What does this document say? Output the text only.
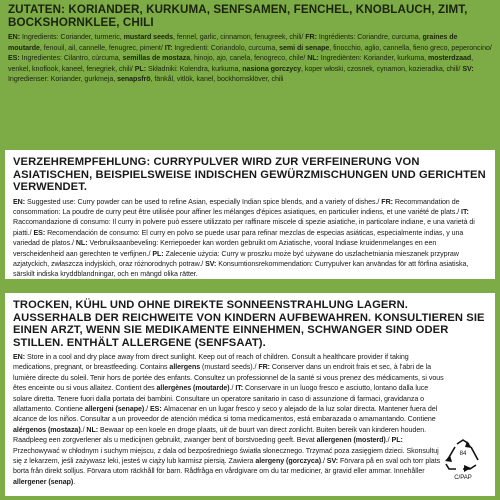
ZUTATEN: KORIANDER, KURKUMA, SENFSAMEN, FENCHEL, KNOBLAUCH, ZIMT, BOCKSHORNKLEE, CHILI
EN: Ingredients: Coriander, turmeric, mustard seeds, fennel, garlic, cinnamon, fenugreek, chili/ FR: Ingrédients: Coriandre, curcuma, graines de moutarde, fenouil, ail, cannelle, fenugrec, piment/ IT: Ingredienti: Coriandolo, curcuma, semi di senape, finocchio, aglio, cannella, fieno greco, peperoncino/ ES: Ingredientes: Cilantro, cúrcuma, semillas de mostaza, hinojo, ajo, canela, fenogreco, chile/ NL: Ingrediënten: Koriander, kurkuma, mosterdzaad, venkel, knoflook, kaneel, fenegriek, chili/ PL: Składniki: Kolendra, kurkuma, nasiona gorczycy, koper włoski, czosnek, cynamon, kozieradka, chili/ SV: Ingredienser: Koriander, gurkmeja, senapsfrö, fänkål, vitlök, kanel, bockhornsklöver, chili
VERZEHREMPFEHLUNG: CURRYPULVER WIRD ZUR VERFEINERUNG VON ASIATISCHEN, BEISPIELSWEISE INDISCHEN GEWÜRZMISCHUNGEN UND GERICHTEN VERWENDET.
EN: Suggested use: Curry powder can be used to refine Asian, especially Indian spice blends, and a variety of dishes./ FR: Recommandation de consommation: La poudre de curry peut être utilisée pour affiner les mélanges d'épices asiatiques, en particulier indiens, et une variété de plats./ IT: Raccomandazione di consumo: Il curry in polvere può essere utilizzato per raffinare miscele di spezie asiatiche, in particolare indiane, e una varietà di piatti./ ES: Recomendación de consumo: El curry en polvo se puede usar para refinar mezclas de especias asiáticas, especialmente indias, y una variedad de platos./ NL: Verbruiksaanbeveling: Kerriepoeder kan worden gebruikt om Aziatische, vooral Indiase kruidenmelanges en een verscheidenheid aan gerechten te verfijnen./ PL: Zalecenie użycia: Curry w proszku może być używane do uszlachetniania mieszanek przypraw azjatyckich, zwłaszcza indyjskich, oraz różnorodnych potraw./ SV: Konsumtionsrekommendation: Currypulver kan användas för att förfina asiatiska, särskilt indiska kryddblandningar, och en mängd olika rätter.
TROCKEN, KÜHL UND OHNE DIREKTE SONNEENSTRAHLUNG LAGERN. AUSSERHALB DER REICHWEITE VON KINDERN AUFBEWAHREN. KONSULTIEREN SIE EINEN ARZT, WENN SIE MEDIKAMENTE EINNEHMEN, SCHWANGER SIND ODER STILLEN. ENTHÄLT ALLERGENE (SENFSAAT).
EN: Store in a cool and dry place away from direct sunlight. Keep out of reach of children. Consult a healthcare provider if taking medications, pregnant, or breastfeeding. Contains allergens (mustard seeds)./ FR: Conserver dans un endroit frais et sec, à l'abri de la lumière directe du soleil. Tenir hors de portée des enfants. Consultez un professionnel de la santé si vous prenez des médicaments, si vous êtes enceinte ou si vous allaitez. Contient des allergènes (moutarde)./ IT: Conservare in un luogo fresco e asciutto, lontano dalla luce solare diretta. Tenere fuori dalla portata dei bambini. Consultare un operatore sanitario in caso di assunzione di farmaci, gravidanza o allattamento. Contiene allergeni (senape)./ ES: Almacenar en un lugar fresco y seco y alejado de la luz solar directa. Mantener fuera del alcance de los niños. Consultar a un proveedor de atención médica si toma medicamentos, está embarazada o amamantando. Contiene alérgenos (mostaza)./ NL: Bewaar op een koele en droge plaats, uit de buurt van direct zonlicht. Buiten bereik van kinderen houden. Raadpleeg een zorgverlener als u medicijnen gebruikt, zwanger bent of borstvoeding geeft. Bevat allergenen (mosterd)./ PL: Przechowywać w chłodnym i suchym miejscu, z dala od bezpośredniego światła słonecznego. Trzymać poza zasięgiem dzieci. Skonsultuj się z lekarzem, jeśli zażywasz leki, jesteś w ciąży lub karmisz piersią. Zawiera alergeny (gorczyca)./ SV: Förvara på en sval och torr plats borta från direkt solljus. Förvara utom räckhåll för barn. Rådfråga en vårdgivare om du tar mediciner, är gravid eller ammar. Innehåller allergener (senap).
84
C/PAP
